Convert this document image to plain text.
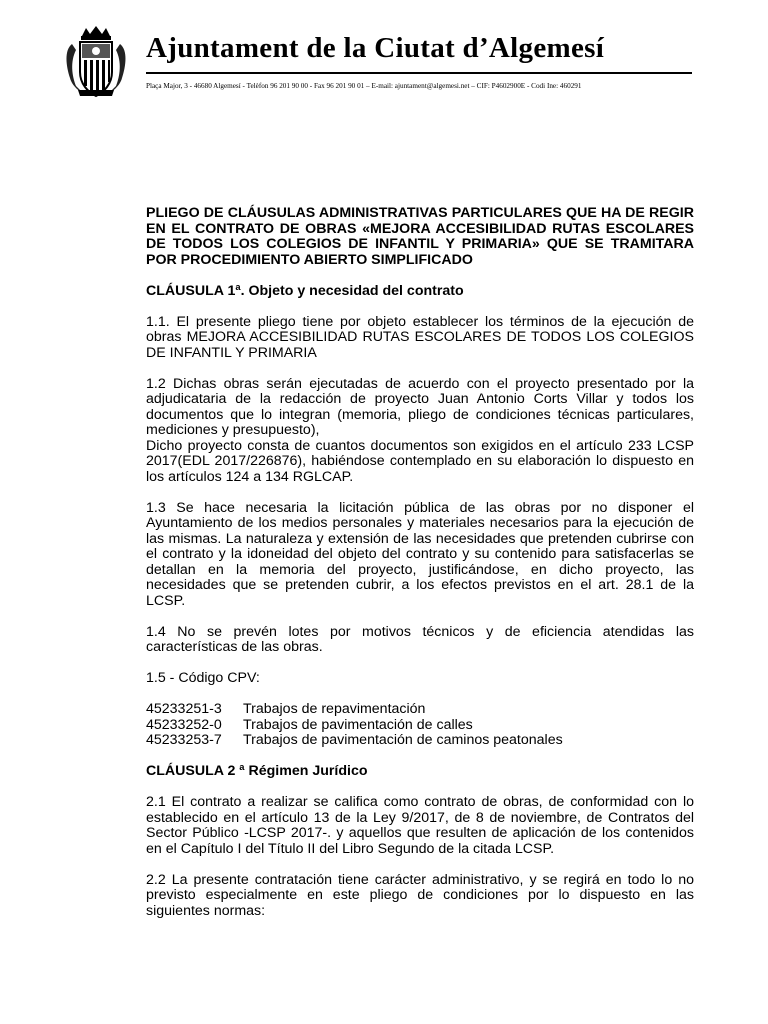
Ajuntament de la Ciutat d’Algemesí
Plaça Major, 3 - 46680 Algemesí - Telèfon 96 201 90 00 - Fax 96 201 90 01 – E-mail: ajuntament@algemesi.net – CIF: P4602900E - Codi Ine: 460291
PLIEGO DE CLÁUSULAS ADMINISTRATIVAS PARTICULARES QUE HA DE REGIR EN EL CONTRATO DE OBRAS «MEJORA ACCESIBILIDAD RUTAS ESCOLARES DE TODOS LOS COLEGIOS DE INFANTIL Y PRIMARIA» QUE SE TRAMITARA POR PROCEDIMIENTO ABIERTO SIMPLIFICADO
CLÁUSULA 1ª. Objeto y necesidad del contrato

1.1. El presente pliego tiene por objeto establecer los términos de la ejecución de obras MEJORA ACCESIBILIDAD RUTAS ESCOLARES DE TODOS LOS COLEGIOS DE INFANTIL Y PRIMARIA

1.2 Dichas obras serán ejecutadas de acuerdo con el proyecto presentado por la adjudicataria de la redacción de proyecto Juan Antonio Corts Villar y todos los documentos que lo integran (memoria, pliego de condiciones técnicas particulares, mediciones y presupuesto),

Dicho proyecto consta de cuantos documentos son exigidos en el artículo 233 LCSP 2017(EDL 2017/226876), habiéndose contemplado en su elaboración lo dispuesto en los artículos 124 a 134 RGLCAP.

1.3 Se hace necesaria la licitación pública de las obras por no disponer el Ayuntamiento de los medios personales y materiales necesarios para la ejecución de las mismas. La naturaleza y extensión de las necesidades que pretenden cubrirse con el contrato y la idoneidad del objeto del contrato y su contenido para satisfacerlas se detallan en la memoria del proyecto, justificándose, en dicho proyecto, las necesidades que se pretenden cubrir, a los efectos previstos en el art. 28.1 de la LCSP.

1.4 No se prevén lotes por motivos técnicos y de eficiencia atendidas las características de las obras.

1.5 - Código CPV:

45233251-3	Trabajos de repavimentación
45233252-0	Trabajos de pavimentación de calles
45233253-7	Trabajos de pavimentación de caminos peatonales
CLÁUSULA 2 ª Régimen Jurídico

2.1 El contrato a realizar se califica como contrato de obras, de conformidad con lo establecido en el artículo 13 de la Ley 9/2017, de 8 de noviembre, de Contratos del Sector Público -LCSP 2017-. y aquellos que resulten de aplicación de los contenidos en el Capítulo I del Título II del Libro Segundo de la citada LCSP.

2.2 La presente contratación tiene carácter administrativo, y se regirá en todo lo no previsto especialmente en este pliego de condiciones por lo dispuesto en las siguientes normas:
